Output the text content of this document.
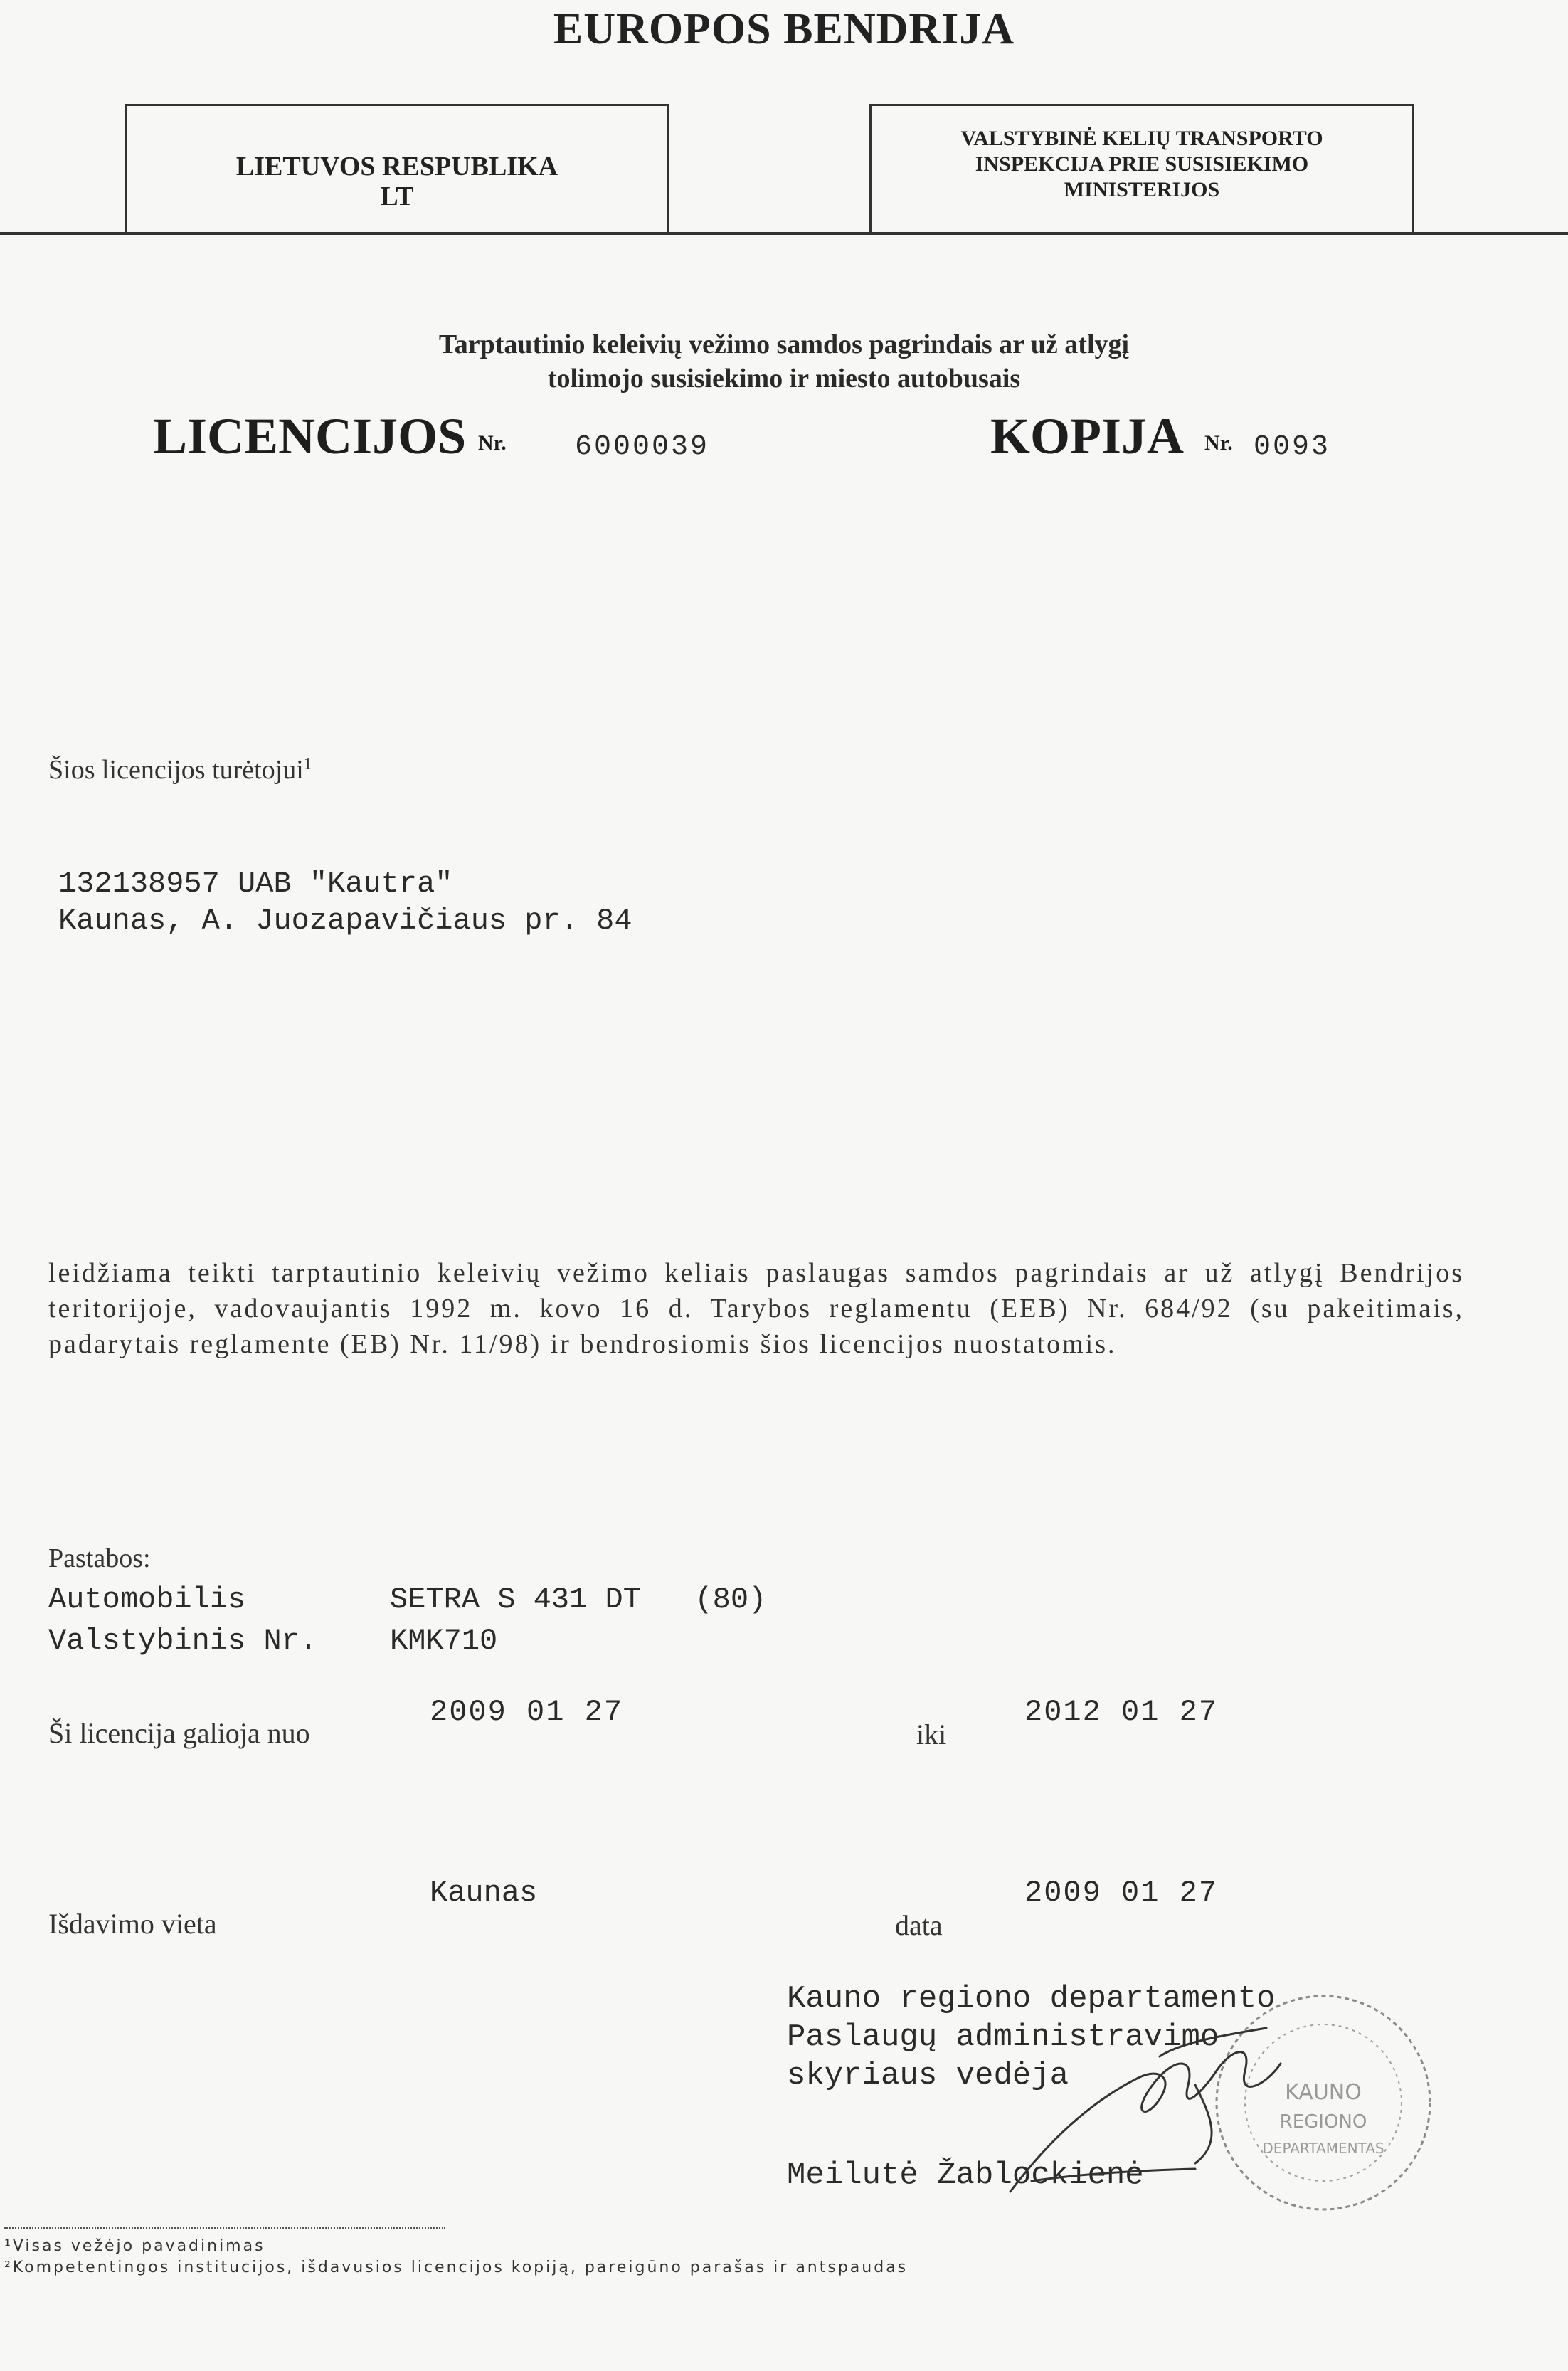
EUROPOS BENDRIJA
LIETUVOS RESPUBLIKA
LT
VALSTYBINĖ KELIŲ TRANSPORTO
INSPEKCIJA PRIE SUSISIEKIMO
MINISTERIJOS
Tarptautinio keleivių vežimo samdos pagrindais ar už atlygį
tolimojo susisiekimo ir miesto autobusais
LICENCIJOS Nr. 6000039	KOPIJA Nr. 0093
Šios licencijos turėtojui$^1$
132138957 UAB "Kautra"
Kaunas, A. Juozapavičiaus pr. 84
leidžiama teikti tarptautinio keleivių vežimo keliais paslaugas samdos pagrindais ar už atlygį Bendrijos teritorijoje, vadovaujantis 1992 m. kovo 16 d. Tarybos reglamentu (EEB) Nr. 684/92 (su pakeitimais, padarytais reglamente (EB) Nr. 11/98) ir bendrosiomis šios licencijos nuostatomis.
Pastabos:
Automobilis	SETRA S 431 DT   (80)
Valstybinis Nr. KMK710
Ši licencija galioja nuo
2009 01 27
iki
2012 01 27
Išdavimo vieta
Kaunas
data
2009 01 27
Kauno regiono departamento
Paslaugų administravimo
skyriaus vedėja
Meilutė Žablockienė
KAUNO
REGIONO
DEPARTAMENTAS
¹Visas vežėjo pavadinimas
²Kompetentingos institucijos, išdavusios licencijos kopiją, pareigūno parašas ir antspaudas
